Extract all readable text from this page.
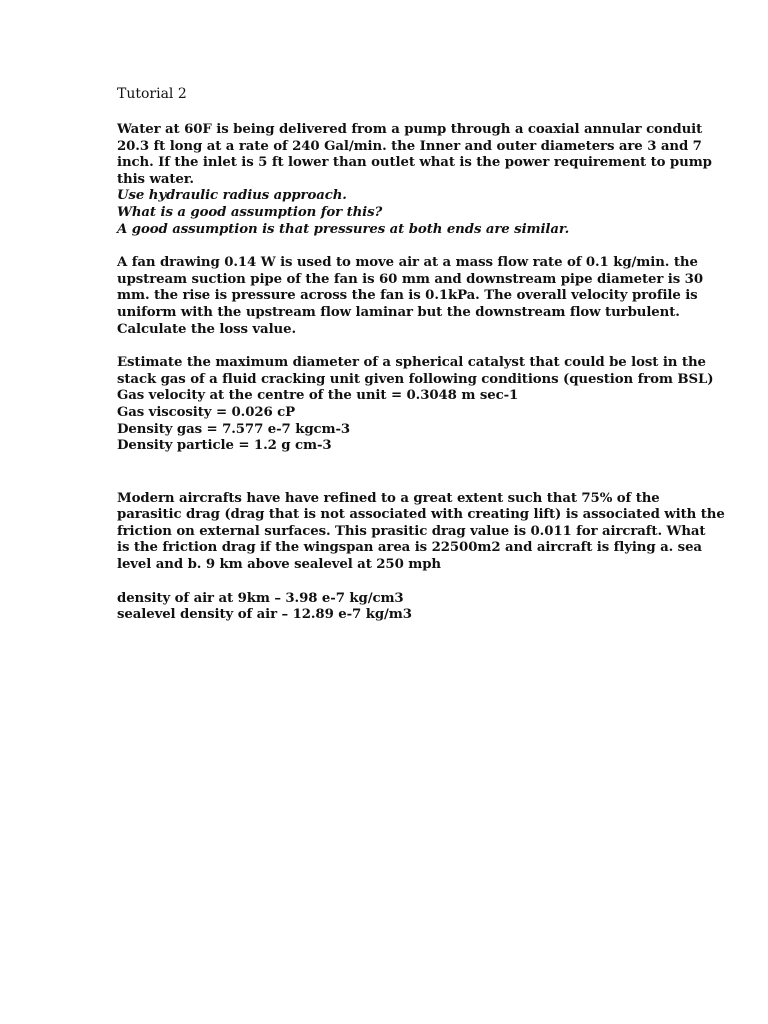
Tutorial 2

Water at 60F is being delivered from a pump through a coaxial annular conduit
20.3 ft long at a rate of 240 Gal/min. the Inner and outer diameters are 3 and 7
inch. If the inlet is 5 ft lower than outlet what is the power requirement to pump
this water.
Use hydraulic radius approach.
What is a good assumption for this?
A good assumption is that pressures at both ends are similar.

A fan drawing 0.14 W is used to move air at a mass flow rate of 0.1 kg/min. the
upstream suction pipe of the fan is 60 mm and downstream pipe diameter is 30
mm. the rise is pressure across the fan is 0.1kPa. The overall velocity profile is
uniform with the upstream flow laminar but the downstream flow turbulent.
Calculate the loss value.

Estimate the maximum diameter of a spherical catalyst that could be lost in the
stack gas of a fluid cracking unit given following conditions (question from BSL)
Gas velocity at the centre of the unit = 0.3048 m sec-1
Gas viscosity = 0.026 cP
Density gas = 7.577 e-7 kgcm-3
Density particle = 1.2 g cm-3

Modern aircrafts have have refined to a great extent such that 75% of the
parasitic drag (drag that is not associated with creating lift) is associated with the
friction on external surfaces. This prasitic drag value is 0.011 for aircraft. What
is the friction drag if the wingspan area is 22500m2 and aircraft is flying a. sea
level and b. 9 km above sealevel at 250 mph

density of air at 9km – 3.98 e-7 kg/cm3
sealevel density of air – 12.89 e-7 kg/m3
